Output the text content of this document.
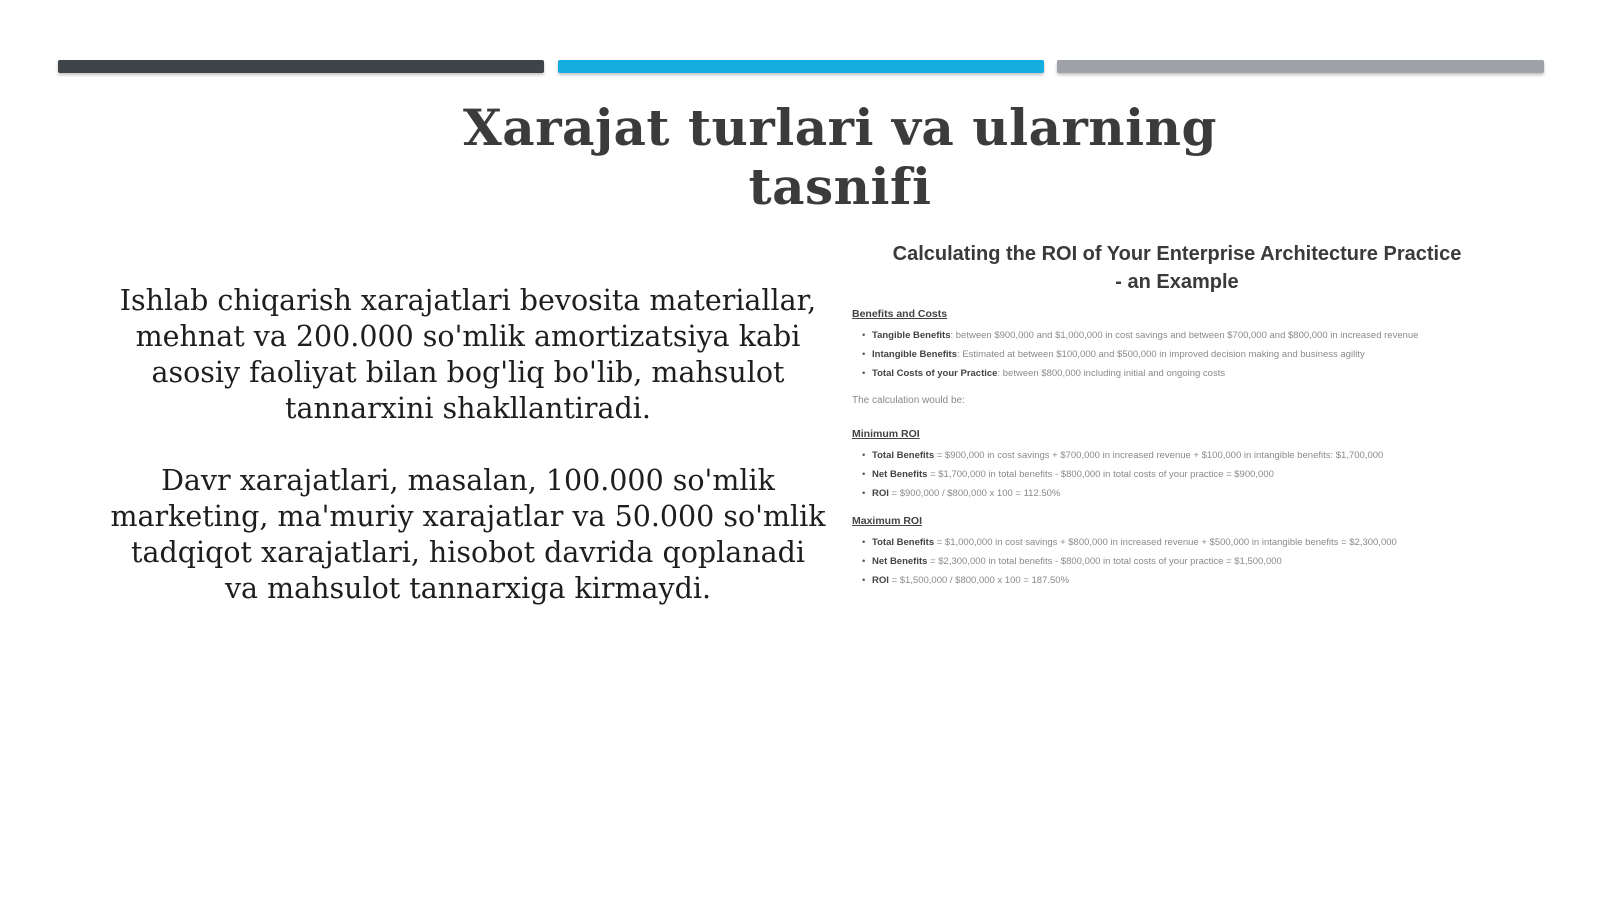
Xarajat turlari va ularning tasnifi

Ishlab chiqarish xarajatlari bevosita materiallar, mehnat va 200.000 so'mlik amortizatsiya kabi asosiy faoliyat bilan bog'liq bo'lib, mahsulot tannarxini shakllantiradi.

Davr xarajatlari, masalan, 100.000 so'mlik marketing, ma'muriy xarajatlar va 50.000 so'mlik tadqiqot xarajatlari, hisobot davrida qoplanadi va mahsulot tannarxiga kirmaydi.

Calculating the ROI of Your Enterprise Architecture Practice
- an Example
Benefits and Costs
• Tangible Benefits: between $900,000 and $1,000,000 in cost savings and between $700,000 and $800,000 in increased revenue
• Intangible Benefits: Estimated at between $100,000 and $500,000 in improved decision making and business agility
• Total Costs of your Practice: between $800,000 including initial and ongoing costs
The calculation would be:
Minimum ROI
• Total Benefits = $900,000 in cost savings + $700,000 in increased revenue + $100,000 in intangible benefits: $1,700,000
• Net Benefits = $1,700,000 in total benefits - $800,000 in total costs of your practice = $900,000
• ROI = $900,000 / $800,000 x 100 = 112.50%
Maximum ROI
• Total Benefits = $1,000,000 in cost savings + $800,000 in increased revenue + $500,000 in intangible benefits = $2,300,000
• Net Benefits = $2,300,000 in total benefits - $800,000 in total costs of your practice = $1,500,000
• ROI = $1,500,000 / $800,000 x 100 = 187.50%
